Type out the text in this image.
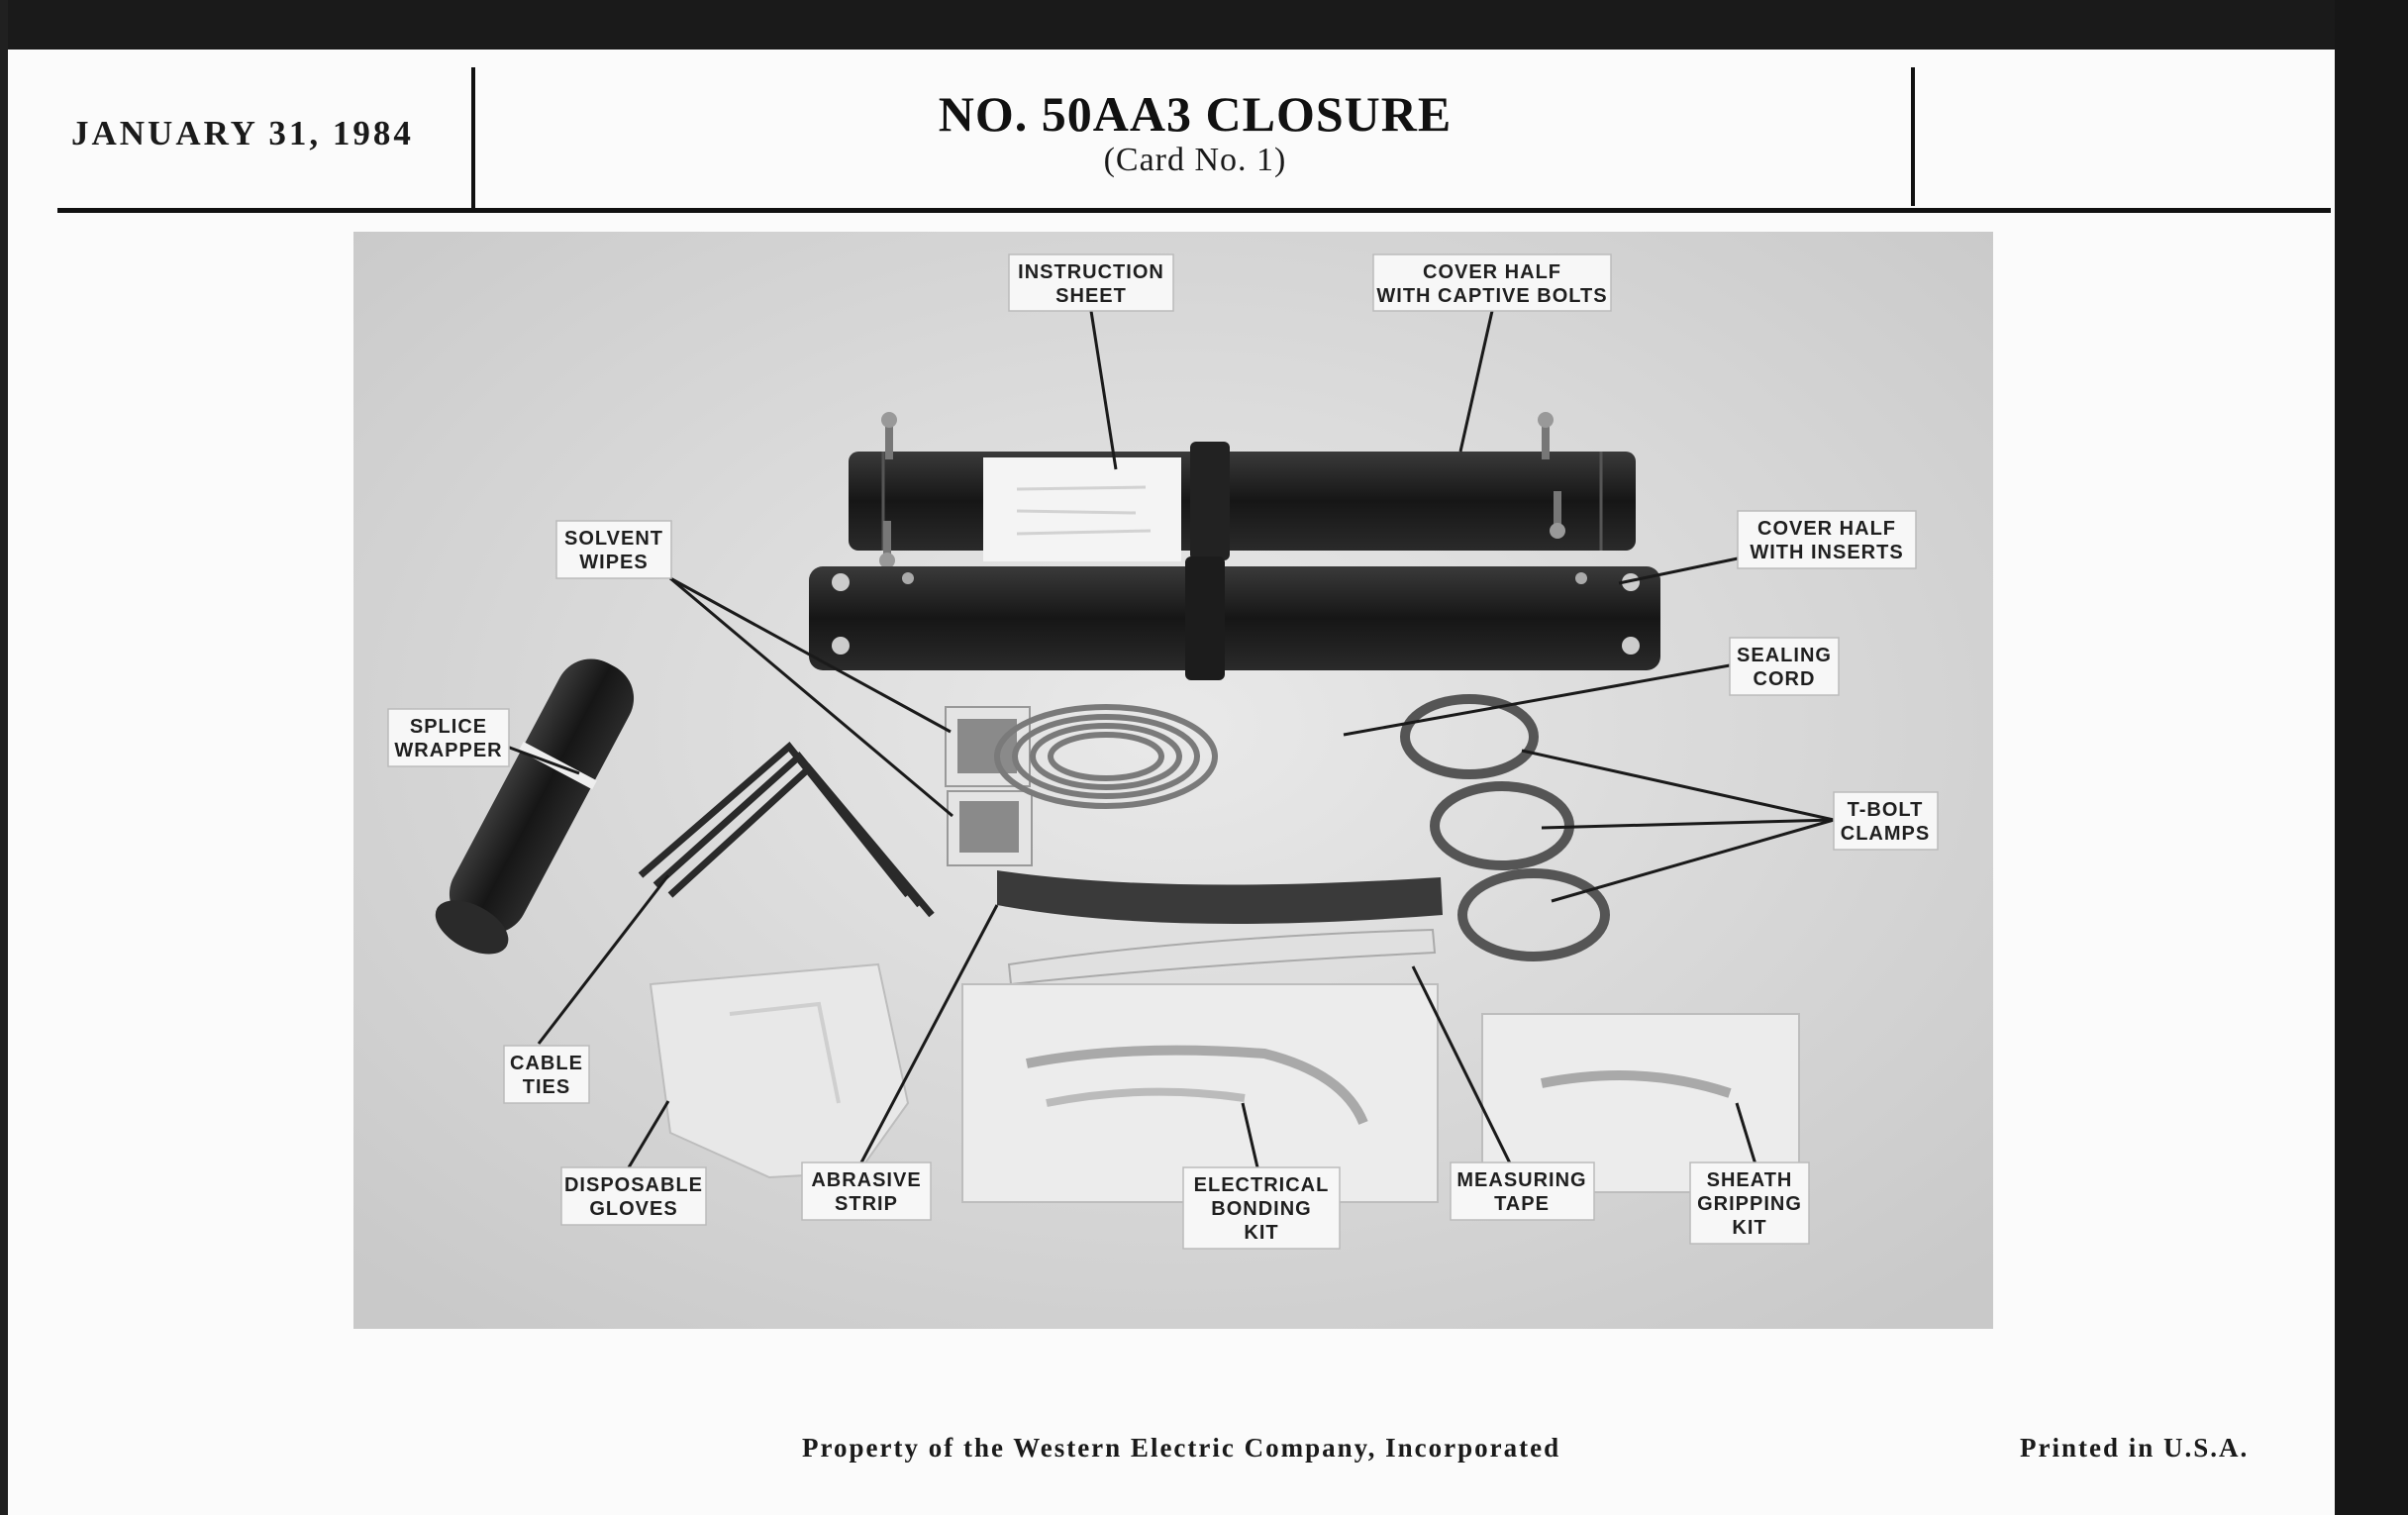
JANUARY 31, 1984	NO. 50AA3 CLOSURE
(Card No. 1)
INSTRUCTION
SHEET
COVER HALF
WITH CAPTIVE BOLTS
SOLVENT
WIPES
COVER HALF
WITH INSERTS
SEALING
CORD
SPLICE
WRAPPER
T-BOLT
CLAMPS
CABLE
TIES
DISPOSABLE
GLOVES
ABRASIVE
STRIP
ELECTRICAL
BONDING
KIT
MEASURING
TAPE
SHEATH
GRIPPING
KIT
Property of the Western Electric Company, Incorporated	Printed in U.S.A.
